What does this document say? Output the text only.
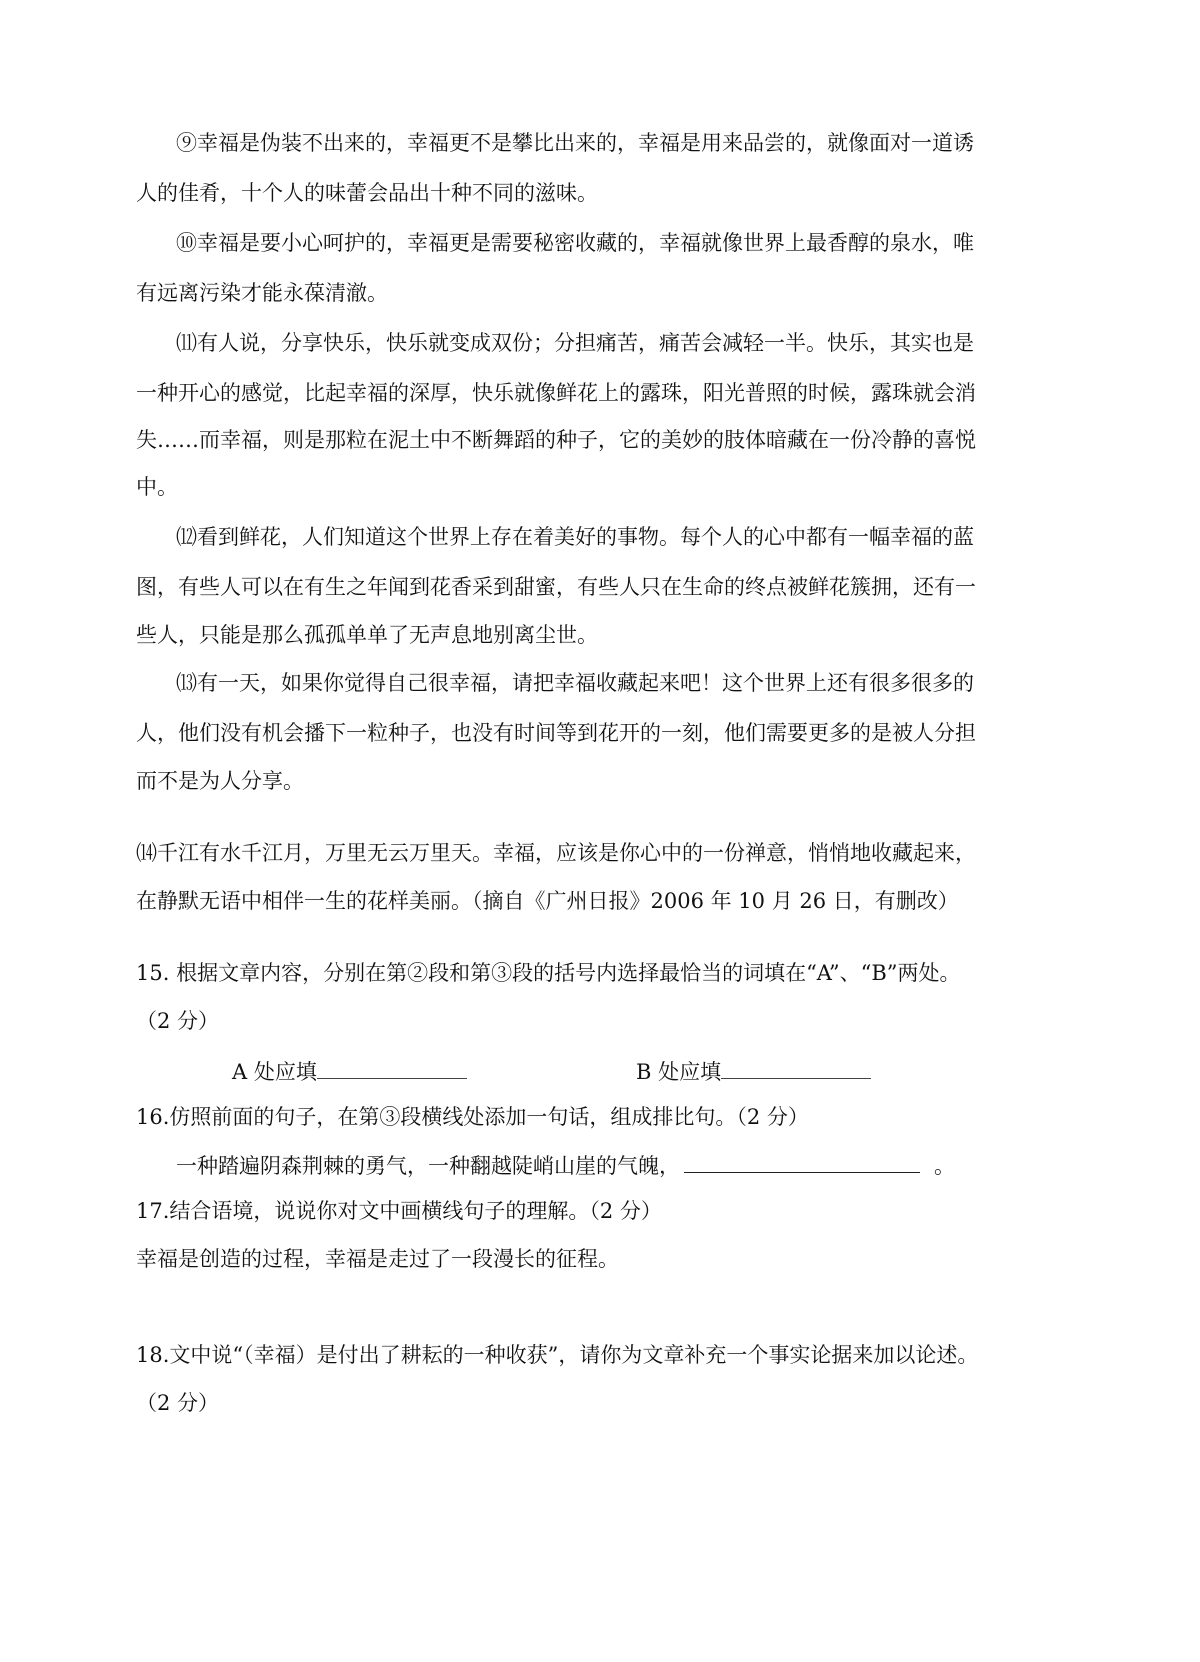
⑨幸福是伪装不出来的，幸福更不是攀比出来的，幸福是用来品尝的，就像面对一道诱
人的佳肴，十个人的味蕾会品出十种不同的滋味。
⑩幸福是要小心呵护的，幸福更是需要秘密收藏的，幸福就像世界上最香醇的泉水，唯
有远离污染才能永葆清澈。
⑾有人说，分享快乐，快乐就变成双份；分担痛苦，痛苦会减轻一半。快乐，其实也是
一种开心的感觉，比起幸福的深厚，快乐就像鲜花上的露珠，阳光普照的时候，露珠就会消
失……而幸福，则是那粒在泥土中不断舞蹈的种子，它的美妙的肢体暗藏在一份冷静的喜悦
中。
⑿看到鲜花，人们知道这个世界上存在着美好的事物。每个人的心中都有一幅幸福的蓝
图，有些人可以在有生之年闻到花香采到甜蜜，有些人只在生命的终点被鲜花簇拥，还有一
些人，只能是那么孤孤单单了无声息地别离尘世。
⒀有一天，如果你觉得自己很幸福，请把幸福收藏起来吧！这个世界上还有很多很多的
人，他们没有机会播下一粒种子，也没有时间等到花开的一刻，他们需要更多的是被人分担
而不是为人分享。
⒁千江有水千江月，万里无云万里天。幸福，应该是你心中的一份禅意，悄悄地收藏起来，
在静默无语中相伴一生的花样美丽。（摘自《广州日报》2006 年 10 月 26 日，有删改）
15. 根据文章内容，分别在第②段和第③段的括号内选择最恰当的词填在“A”、“B”两处。
（2 分）
A 处应填	B 处应填
16.仿照前面的句子，在第③段横线处添加一句话，组成排比句。（2 分）
一种踏遍阴森荆棘的勇气，一种翻越陡峭山崖的气魄，	。
17.结合语境，说说你对文中画横线句子的理解。（2 分）
幸福是创造的过程，幸福是走过了一段漫长的征程。
18.文中说“（幸福）是付出了耕耘的一种收获”，请你为文章补充一个事实论据来加以论述。
（2 分）
